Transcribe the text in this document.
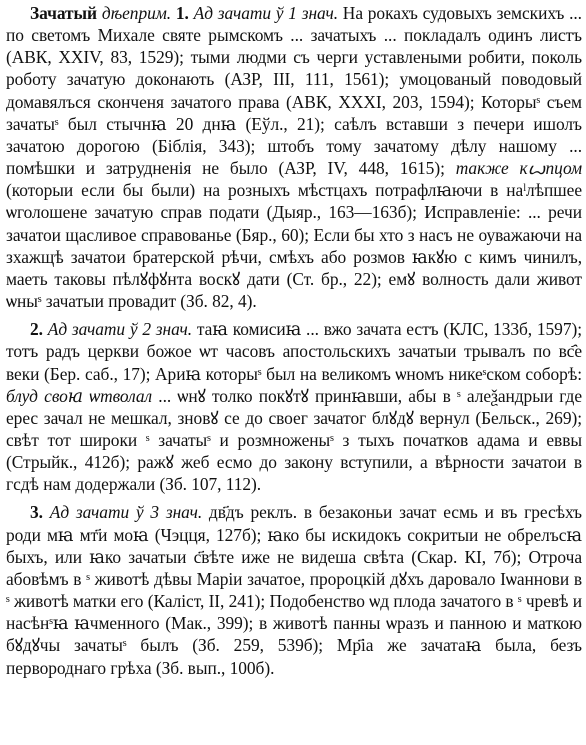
Зачатый дѣеприм. 1. Ад зачати ў 1 знач. На рокахъ судовыхъ земскихъ ... по светомъ Михале святе рымскомъ ... зачатыхъ ... покладалъ одинъ листъ (АВК, XXIV, 83, 1529); тыми людми съ черги уставлеными робити, поколь роботу зачатую доконають (АЗР, III, 111, 1561); умоцованый поводовый домавялъся сконченя зачатого права (АВК, XXXI, 203, 1594); Которыˢ съем зачатыˢ был стычнꙗ 20 днꙗ (Еўл., 21); саѣлъ вставши з печери ишолъ зачатою дорогою (Біблія, 343); штобъ тому зачатому дѣлу нашому ... помѣшки и затрудненія не было (АЗР, IV, 448, 1615); также кꙍпцом (которыи если бы были) на розныхъ мѣстцахъ потрафлꙗючи в наˡлѣпшее ѡголошене зачатую справ подати (Дыяр., 163—163б); Исправленіе: ... речи зачатои щасливое справованье (Бяр., 60); Если бы хто з насъ не оуважаючи на зхажщѣ зачатои братерской рѣчи, смѣхъ або розмов ꙗкꙋю с кимъ чинилъ, маеть таковы пѣлꙋфꙋнта воскꙋ дати (Ст. бр., 22); емꙋ волность дали живот ѡныˢ зачатыи провадит (Зб. 82, 4).

2. Ад зачати ў 2 знач. таꙗ комисиꙗ ... вжо зачата естъ (КЛС, 133б, 1597); тотъ радъ церкви божое ѡт часовъ апостольскихъ зачатыи трывалъ по вс҄е веки (Бер. саб., 17); Ариꙗ которыˢ был на великомъ ѡномъ никеˢском соборѣ: блуд своꙗ ѡтволал ... ѡнꙋ толко покꙋтꙋ принꙗвши, абы в ˢ алеѯандрыи где ерес зачал не мешкал, зновꙋ се до своег зачатог блꙋдꙋ вернул (Бельск., 269); свѣт тот широки ˢ зачатыˢ и розмноженыˢ з тыхъ початков адама и еввы (Стрыйк., 412б); ражꙋ жеб есмо до закону вступили, а вѣрности зачатои в гсдѣ нам додержали (Зб. 107, 112).

3. Ад зачати ў 3 знач. дв҃дъ реклъ. в безаконьи зачат есмь и въ гресѣхъ роди мꙗ мт҃и моꙗ (Чэцця, 127б); ꙗко бы искидокъ сокритыи не обрелъсꙗ быхъ, или ꙗко зачатыи с҃вѣте иже не видеша свѣта (Скар. КІ, 7б); Отроча абовѣмъ в ˢ животѣ дѣвы Маріи зачатое, пророцкій дꙋхъ даровало Іѡаннови в ˢ животѣ матки его (Каліст, II, 241); Подобенство ѡд плода зачатого в ˢ чревѣ и насѣнˢꙗ ꙗчменного (Мак., 399); в животѣ панны ѡразъ и панною и маткою бꙋдꙋчы зачатыˢ былъ (Зб. 259, 539б); Мр҃іа же зачатаꙗ была, безъ первороднаго грѣха (Зб. вып., 100б).
